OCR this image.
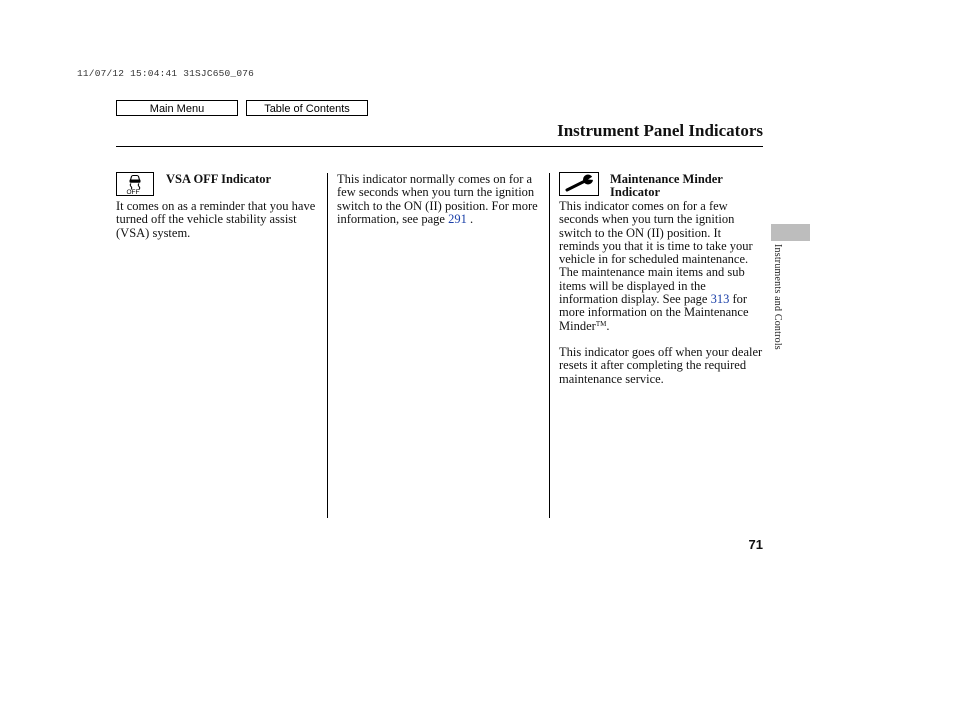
11/07/12 15:04:41 31SJC650_076
Main Menu	Table of Contents
Instrument Panel Indicators
OFF
VSA OFF Indicator
It comes on as a reminder that you have turned off the vehicle stability assist (VSA) system.
This indicator normally comes on for a few seconds when you turn the ignition switch to the ON (II) position. For more information, see page 291 .
Maintenance Minder Indicator
This indicator comes on for a few seconds when you turn the ignition switch to the ON (II) position. It reminds you that it is time to take your vehicle in for scheduled maintenance. The maintenance main items and sub items will be displayed in the information display. See page 313 for more information on the Maintenance Minder™.
This indicator goes off when your dealer resets it after completing the required maintenance service.
Instruments and Controls
71
